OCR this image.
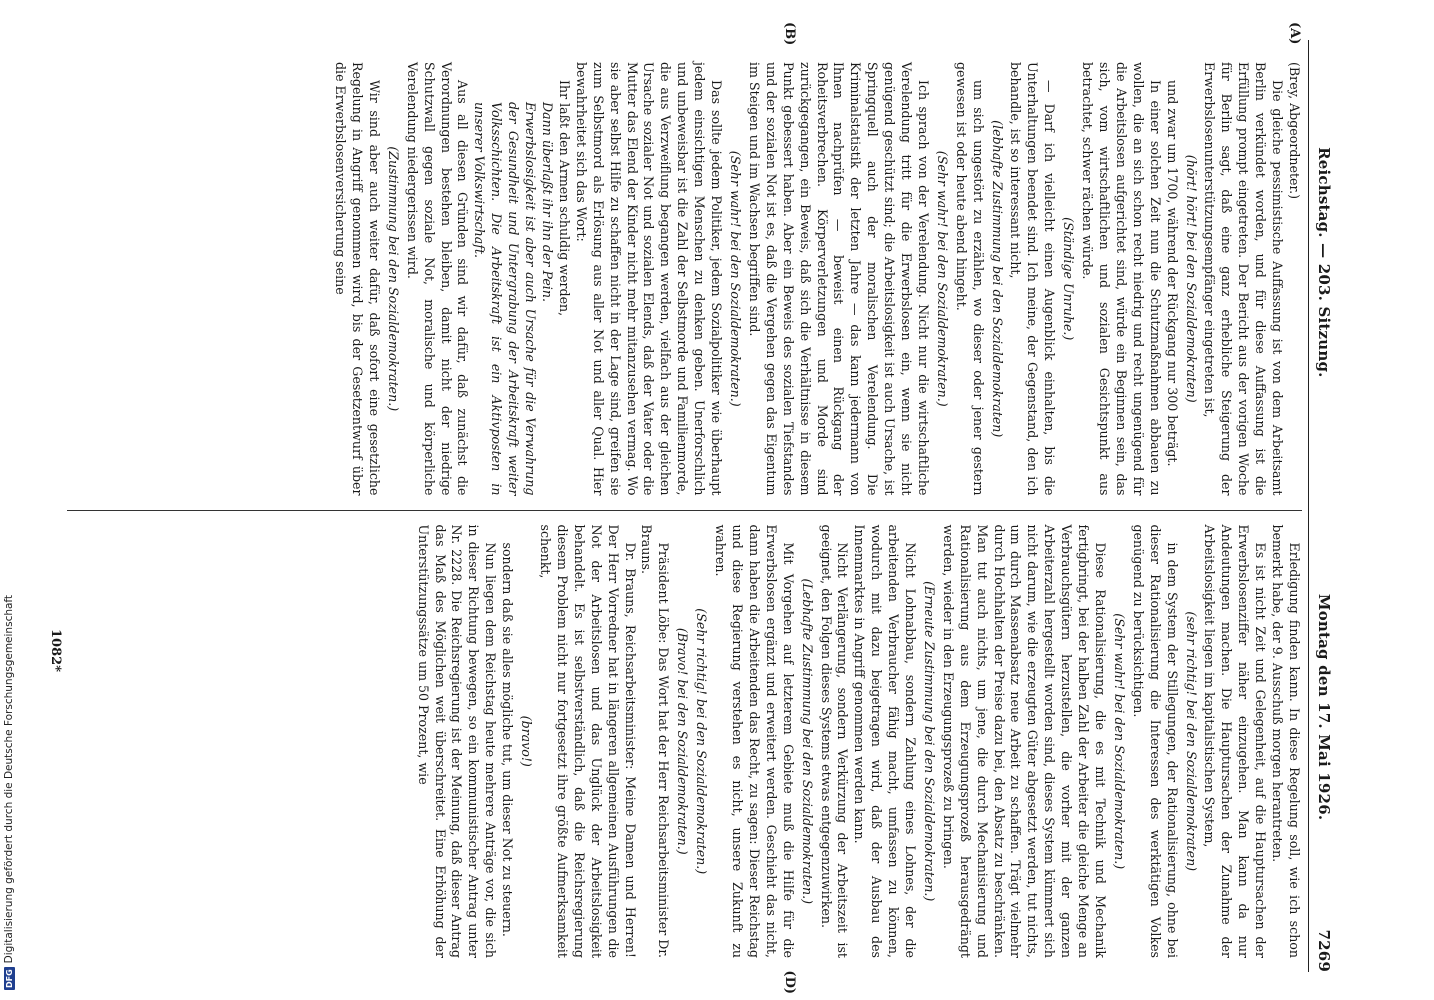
Reichstag. — 203. Sitzung.
Montag den 17. Mai 1926.
7269
(A)
(B)

(Brey, Abgeordneter.)

Die gleiche pessimistische Auffassung ist von dem Arbeitsamt Berlin verkündet worden, und für diese Auffassung ist die Erfüllung prompt eingetreten. Der Bericht aus der vorigen Woche für Berlin sagt, daß eine ganz erhebliche Steigerung der Erwerbslosenunterstützungsempfänger eingetreten ist,

(hört! hört! bei den Sozialdemokraten)

und zwar um 1700, während der Rückgang nur 300 beträgt.

In einer solchen Zeit nun die Schutzmaßnahmen abbauen zu wollen, die an sich schon recht niedrig und recht ungenügend für die Arbeitslosen aufgerichtet sind, würde ein Beginnen sein, das sich, vom wirtschaftlichen und sozialen Gesichtspunkt aus betrachtet, schwer rächen würde.

(Ständige Unruhe.)

— Darf ich vielleicht einen Augenblick einhalten, bis die Unterhaltungen beendet sind. Ich meine, der Gegenstand, den ich behandle, ist so interessant nicht,

(lebhafte Zustimmung bei den Sozialdemokraten)

um sich ungestört zu erzählen, wo dieser oder jener gestern gewesen ist oder heute abend hingeht.

(Sehr wahr! bei den Sozialdemokraten.)

Ich sprach von der Verelendung. Nicht nur die wirtschaftliche Verelendung tritt für die Erwerbslosen ein, wenn sie nicht genügend geschützt sind; die Arbeitslosigkeit ist auch Ursache, ist Springquell auch der moralischen Verelendung. Die Kriminalstatistik der letzten Jahre — das kann jedermann von Ihnen nachprüfen — beweist einen Rückgang der Roheitsverbrechen. Körperverletzungen und Morde sind zurückgegangen, ein Beweis, daß sich die Verhältnisse in diesem Punkt gebessert haben. Aber ein Beweis des sozialen Tiefstandes und der sozialen Not ist es, daß die Vergehen gegen das Eigentum im Steigen und im Wachsen begriffen sind.

(Sehr wahr! bei den Sozialdemokraten.)

Das sollte jedem Politiker, jedem Sozialpolitiker wie überhaupt jedem einsichtigen Menschen zu denken geben. Unerforschlich und unbeweisbar ist die Zahl der Selbstmorde und Familienmorde, die aus Verzweiflung begangen werden, vielfach aus der gleichen Ursache sozialer Not und sozialen Elends, daß der Vater oder die Mutter das Elend der Kinder nicht mehr mitanzusehen vermag. Wo sie aber selbst Hilfe zu schaffen nicht in der Lage sind, greifen sie zum Selbstmord als Erlösung aus aller Not und aller Qual. Hier bewahrheitet sich das Wort:

Ihr laßt den Armen schuldig werden,

Dann überlaßt ihr ihn der Pein.

Erwerbslosigkeit ist aber auch Ursache für die Verwahrung der Gesundheit und Untergrabung der Arbeitskraft weiter Volksschichten. Die Arbeitskraft ist ein Aktivposten in unserer Volkswirtschaft.

Aus all diesen Gründen sind wir dafür, daß zunächst die Verordnungen bestehen bleiben, damit nicht der niedrige Schutzwall gegen soziale Not, moralische und körperliche Verelendung niedergerissen wird.

(Zustimmung bei den Sozialdemokraten.)

Wir sind aber auch weiter dafür, daß sofort eine gesetzliche Regelung in Angriff genommen wird, bis der Gesetzentwurf über die Erwerbslosenversicherung seine

(D)

Erledigung finden kann. In diese Regelung soll, wie ich schon bemerkt habe, der 9. Ausschuß morgen herantreten.

Es ist nicht Zeit und Gelegenheit, auf die Hauptursachen der Erwerbslosenziffer näher einzugehen. Man kann da nur Andeutungen machen. Die Hauptursachen der Zunahme der Arbeitslosigkeit liegen im kapitalistischen System,

(sehr richtig! bei den Sozialdemokraten)

in dem System der Stillegungen, der Rationalisierung, ohne bei dieser Rationalisierung die Interessen des werktätigen Volkes genügend zu berücksichtigen.

(Sehr wahr! bei den Sozialdemokraten.)

Diese Rationalisierung, die es mit Technik und Mechanik fertigbringt, bei der halben Zahl der Arbeiter die gleiche Menge an Verbrauchsgütern herzustellen, die vorher mit der ganzen Arbeiterzahl hergestellt worden sind, dieses System kümmert sich nicht darum, wie die erzeugten Güter abgesetzt werden, tut nichts, um durch Massenabsatz neue Arbeit zu schaffen. Trägt vielmehr durch Hochhalten der Preise dazu bei, den Absatz zu beschränken. Man tut auch nichts, um jene, die durch Mechanisierung und Rationalisierung aus dem Erzeugungsprozeß herausgedrängt werden, wieder in den Erzeugungsprozeß zu bringen.

(Erneute Zustimmung bei den Sozialdemokraten.)

Nicht Lohnabbau, sondern Zahlung eines Lohnes, der die arbeitenden Verbraucher fähig macht, umfassen zu können, wodurch mit dazu beigetragen wird, daß der Ausbau des Innenmarktes in Angriff genommen werden kann.

Nicht Verlängerung, sondern Verkürzung der Arbeitszeit ist geeignet, den Folgen dieses Systems etwas entgegenzuwirken.

(Lebhafte Zustimmung bei den Sozialdemokraten.)

Mit Vorgehen auf letzterem Gebiete muß die Hilfe für die Erwerbslosen ergänzt und erweitert werden. Geschieht das nicht, dann haben die Arbeitenden das Recht, zu sagen: Dieser Reichstag und diese Regierung verstehen es nicht, unsere Zukunft zu wahren.

(Sehr richtig! bei den Sozialdemokraten.)

(Bravo! bei den Sozialdemokraten.)

Präsident Löbe: Das Wort hat der Herr Reichsarbeitsminister Dr. Brauns.

Dr. Brauns, Reichsarbeitsminister: Meine Damen und Herren! Der Herr Vorredner hat in längeren allgemeinen Ausführungen die Not der Arbeitslosen und das Unglück der Arbeitslosigkeit behandelt. Es ist selbstverständlich, daß die Reichsregierung diesem Problem nicht nur fortgesetzt ihre größte Aufmerksamkeit schenkt,

(bravo!)

sondern daß sie alles mögliche tut, um dieser Not zu steuern.

Nun liegen dem Reichstag heute mehrere Anträge vor, die sich in dieser Richtung bewegen, so ein kommunistischer Antrag unter Nr. 2228. Die Reichsregierung ist der Meinung, daß dieser Antrag das Maß des Möglichen weit überschreitet. Eine Erhöhung der Unterstützungssätze um 50 Prozent, wie

1082*
DFG
Digitalisierung gefördert durch die Deutsche Forschungsgemeinschaft
